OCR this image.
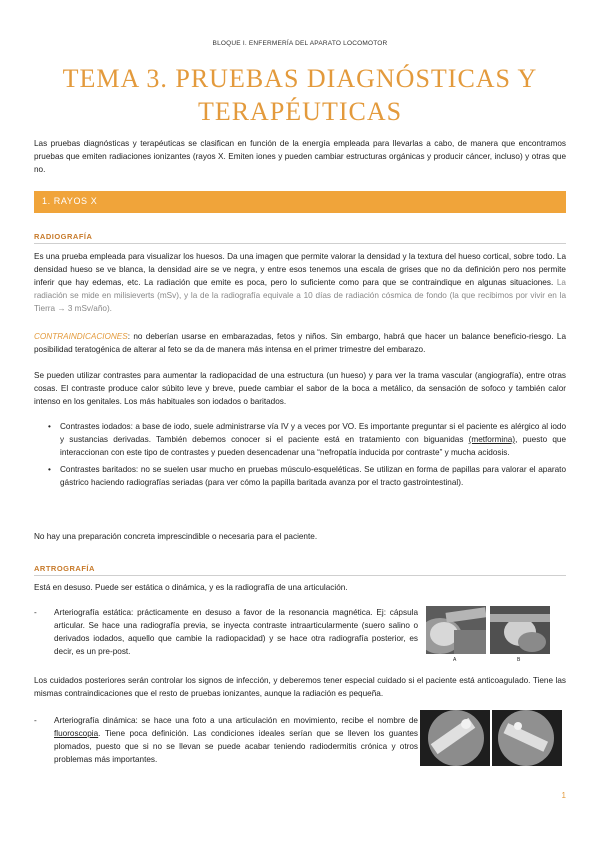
BLOQUE I. ENFERMERÍA DEL APARATO LOCOMOTOR
TEMA 3. PRUEBAS DIAGNÓSTICAS Y
TERAPÉUTICAS
Las pruebas diagnósticas y terapéuticas se clasifican en función de la energía empleada para llevarlas a cabo, de manera que encontramos pruebas que emiten radiaciones ionizantes (rayos X. Emiten iones y pueden cambiar estructuras orgánicas y producir cáncer, incluso) y otras que no.
1. RAYOS X
RADIOGRAFÍA
Es una prueba empleada para visualizar los huesos. Da una imagen que permite valorar la densidad y la textura del hueso cortical, sobre todo. La densidad hueso se ve blanca, la densidad aire se ve negra, y entre esos tenemos una escala de grises que no da definición pero nos permite inferir que hay edemas, etc. La radiación que emite es poca, pero lo suficiente como para que se contraindique en algunas situaciones. La radiación se mide en milisieverts (mSv), y la de la radiografía equivale a 10 días de radiación cósmica de fondo (la que recibimos por vivir en la Tierra → 3 mSv/año).
CONTRAINDICACIONES: no deberían usarse en embarazadas, fetos y niños. Sin embargo, habrá que hacer un balance beneficio-riesgo. La posibilidad teratogénica de alterar al feto se da de manera más intensa en el primer trimestre del embarazo.
Se pueden utilizar contrastes para aumentar la radiopacidad de una estructura (un hueso) y para ver la trama vascular (angiografía), entre otras cosas. El contraste produce calor súbito leve y breve, puede cambiar el sabor de la boca a metálico, da sensación de sofoco y también calor intenso en los genitales. Los más habituales son iodados o baritados.
• Contrastes iodados: a base de iodo, suele administrarse vía IV y a veces por VO. Es importante preguntar si el paciente es alérgico al iodo y sustancias derivadas. También debemos conocer si el paciente está en tratamiento con biguanidas (metformina), puesto que interaccionan con este tipo de contrastes y pueden desencadenar una “nefropatía inducida por contraste” y mucha acidosis.
• Contrastes baritados: no se suelen usar mucho en pruebas músculo-esqueléticas. Se utilizan en forma de papillas para valorar el aparato gástrico haciendo radiografías seriadas (para ver cómo la papilla baritada avanza por el tracto gastrointestinal).
No hay una preparación concreta imprescindible o necesaria para el paciente.
ARTROGRAFÍA
Está en desuso. Puede ser estática o dinámica, y es la radiografía de una articulación.
- Arteriografía estática: prácticamente en desuso a favor de la resonancia magnética. Ej: cápsula articular. Se hace una radiografía previa, se inyecta contraste intraarticularmente (suero salino o derivados iodados, aquello que cambie la radiopacidad) y se hace otra radiografía posterior, es decir, es un pre-post.
A	B
Los cuidados posteriores serán controlar los signos de infección, y deberemos tener especial cuidado si el paciente está anticoagulado. Tiene las mismas contraindicaciones que el resto de pruebas ionizantes, aunque la radiación es pequeña.
- Arteriografía dinámica: se hace una foto a una articulación en movimiento, recibe el nombre de fluoroscopia. Tiene poca definición. Las condiciones ideales serían que se lleven los guantes plomados, puesto que si no se llevan se puede acabar teniendo radiodermitis crónica y otros problemas más importantes.
1
